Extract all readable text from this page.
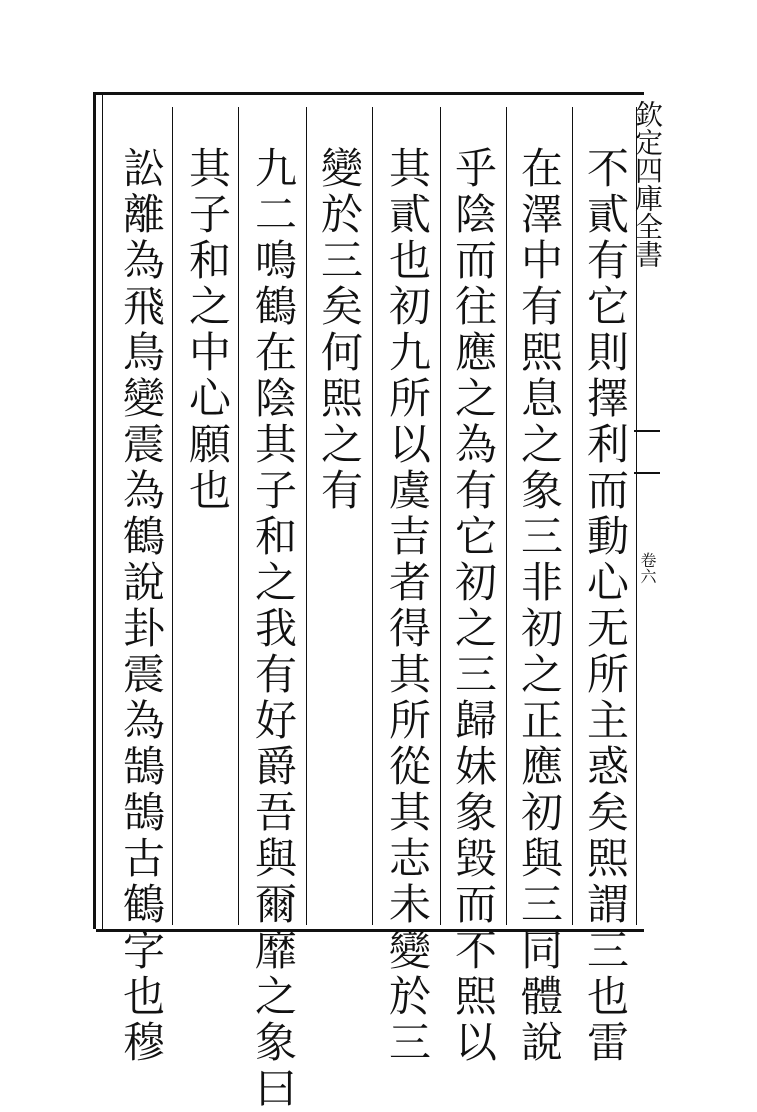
欽定四庫全書
卷六
不貳有它則擇利而動心无所主惑矣𤋮謂三也雷
在澤中有𤋮息之象三非初之正應初與三同體說
乎陰而往應之為有它初之三歸妹象毀而不𤋮以
其貳也初九所以虞吉者得其所從其志未變於三
變於三矣何𤋮之有
九二鳴鶴在陰其子和之我有好爵吾與爾靡之象曰
其子和之中心願也
訟離為飛鳥變震為鶴說卦震為鵠鵠古鶴字也穆
